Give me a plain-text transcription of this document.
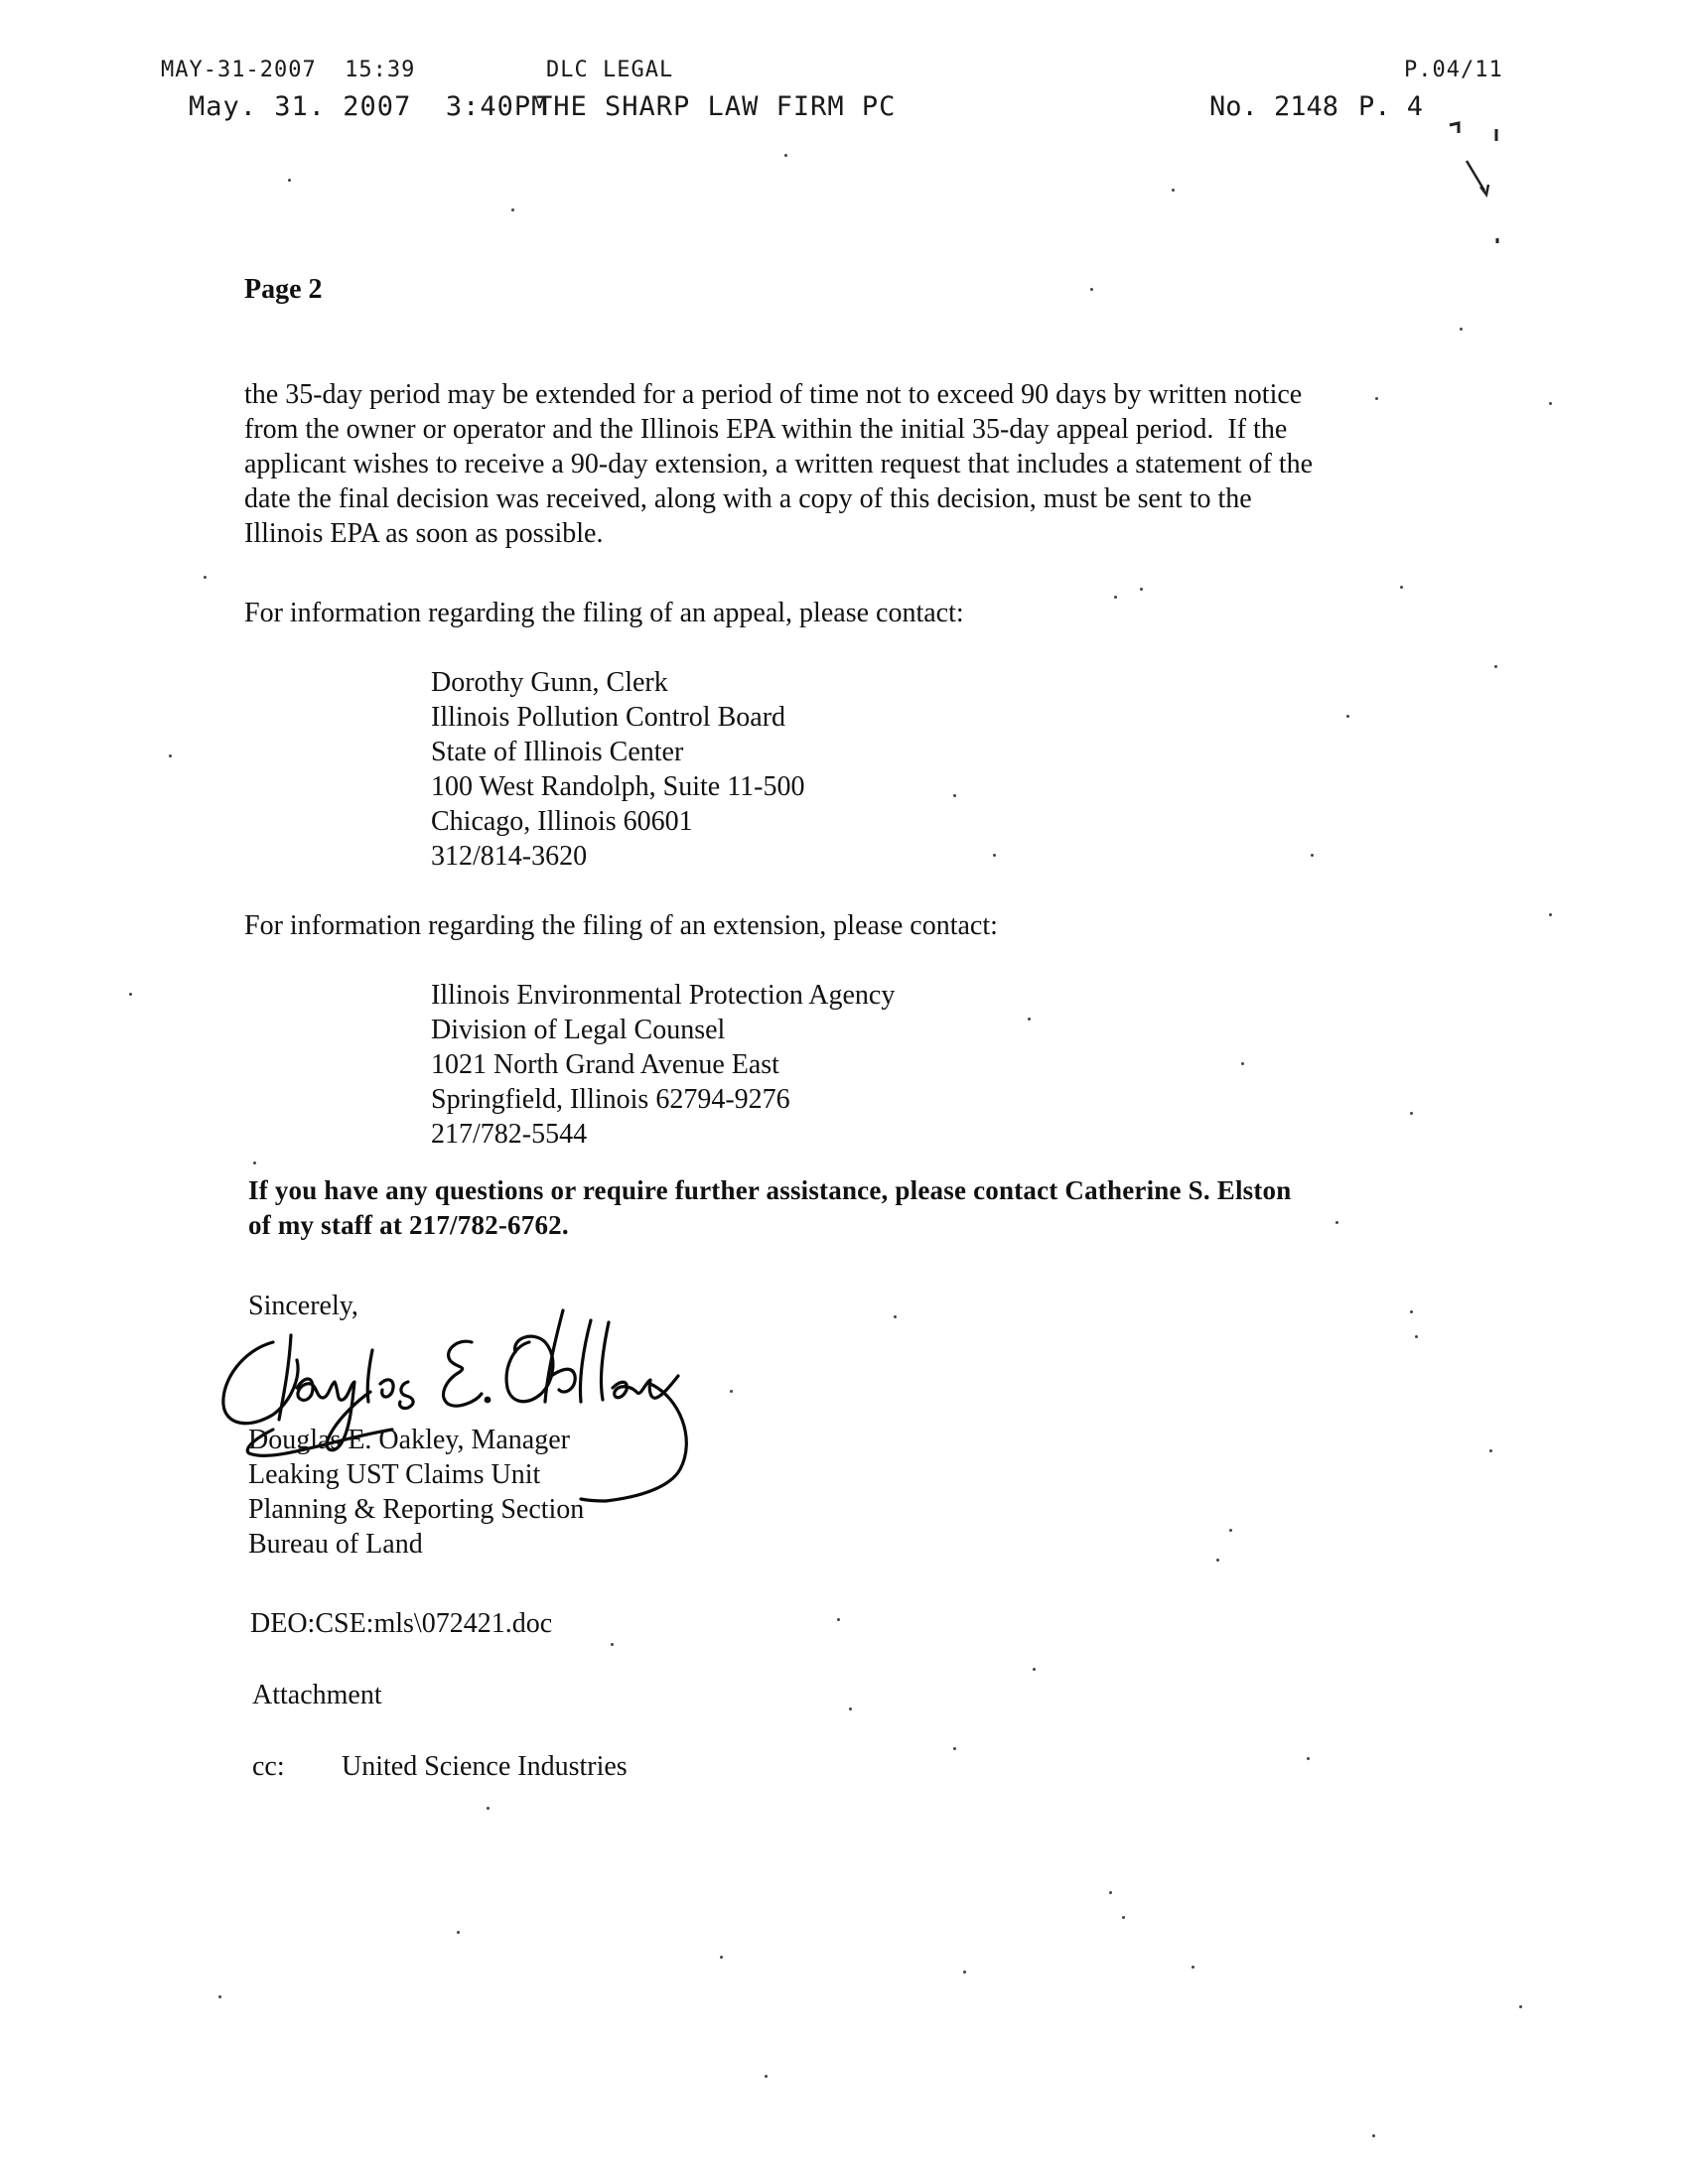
MAY-31-2007  15:39	DLC LEGAL	P.04/11
May. 31. 2007  3:40PM
THE SHARP LAW FIRM PC	No. 2148 P. 4
Page 2
the 35-day period may be extended for a period of time not to exceed 90 days by written notice
from the owner or operator and the Illinois EPA within the initial 35-day appeal period.  If the
applicant wishes to receive a 90-day extension, a written request that includes a statement of the
date the final decision was received, along with a copy of this decision, must be sent to the
Illinois EPA as soon as possible.
For information regarding the filing of an appeal, please contact:
Dorothy Gunn, Clerk
Illinois Pollution Control Board
State of Illinois Center
100 West Randolph, Suite 11-500
Chicago, Illinois 60601
312/814-3620
For information regarding the filing of an extension, please contact:
Illinois Environmental Protection Agency
Division of Legal Counsel
1021 North Grand Avenue East
Springfield, Illinois 62794-9276
217/782-5544
If you have any questions or require further assistance, please contact Catherine S. Elston
of my staff at 217/782-6762.
Sincerely,
Douglas E. Oakley, Manager
Leaking UST Claims Unit
Planning & Reporting Section
Bureau of Land
DEO:CSE:mls\072421.doc
Attachment
cc: United Science Industries
